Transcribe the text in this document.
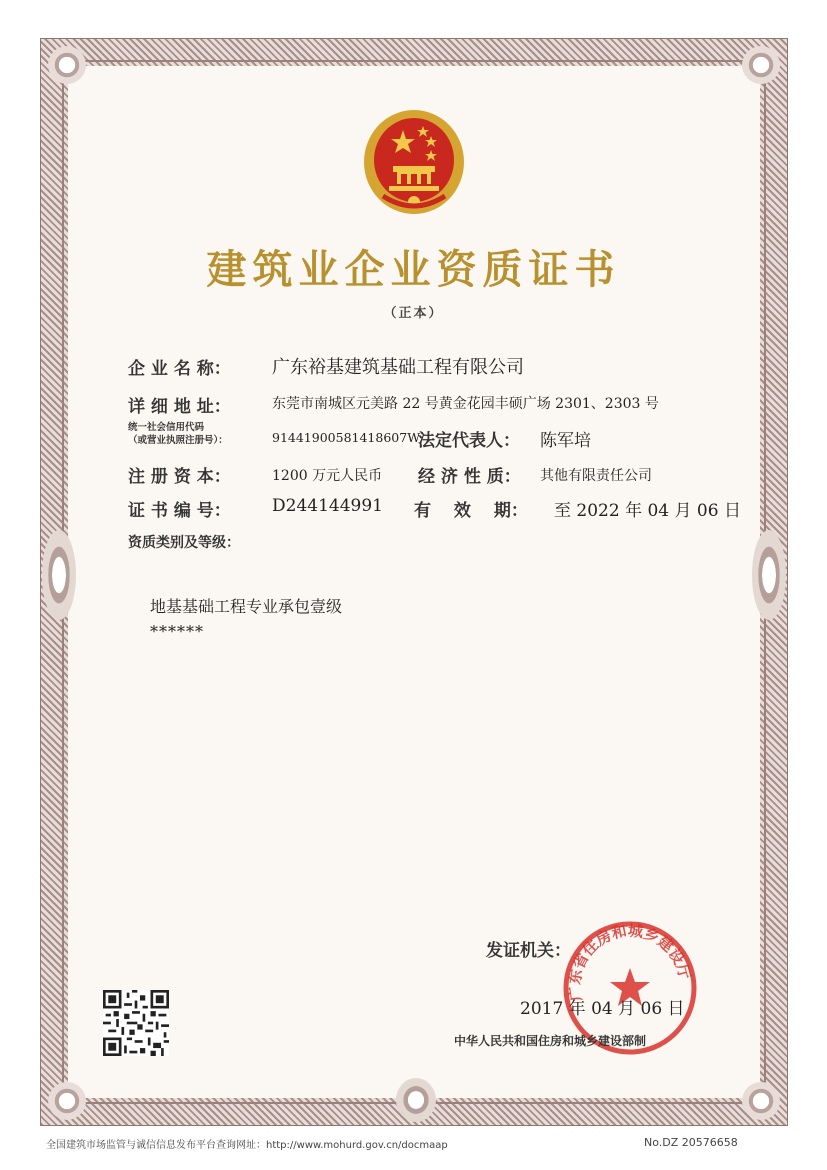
建筑业企业资质证书
（正本）
企 业 名 称： 广东裕基建筑基础工程有限公司
详 细 地 址：	东莞市南城区元美路 22 号黄金花园丰硕广场 2301、2303 号
统一社会信用代码
（或营业执照注册号）：	91441900581418607W
法定代表人： 陈军培
注 册 资 本：	1200 万元人民币 经 济 性 质： 其他有限责任公司
证 书 编 号： D244144991 有　 效　 期： 至 2022 年 04 月 06 日
资质类别及等级：
地基基础工程专业承包壹级
******
发证机关：
广东省住房和城乡建设厅
2017 年 04 月 06 日
中华人民共和国住房和城乡建设部制
全国建筑市场监管与诚信信息发布平台查询网址：http://www.mohurd.gov.cn/docmaap	No.DZ 20576658
